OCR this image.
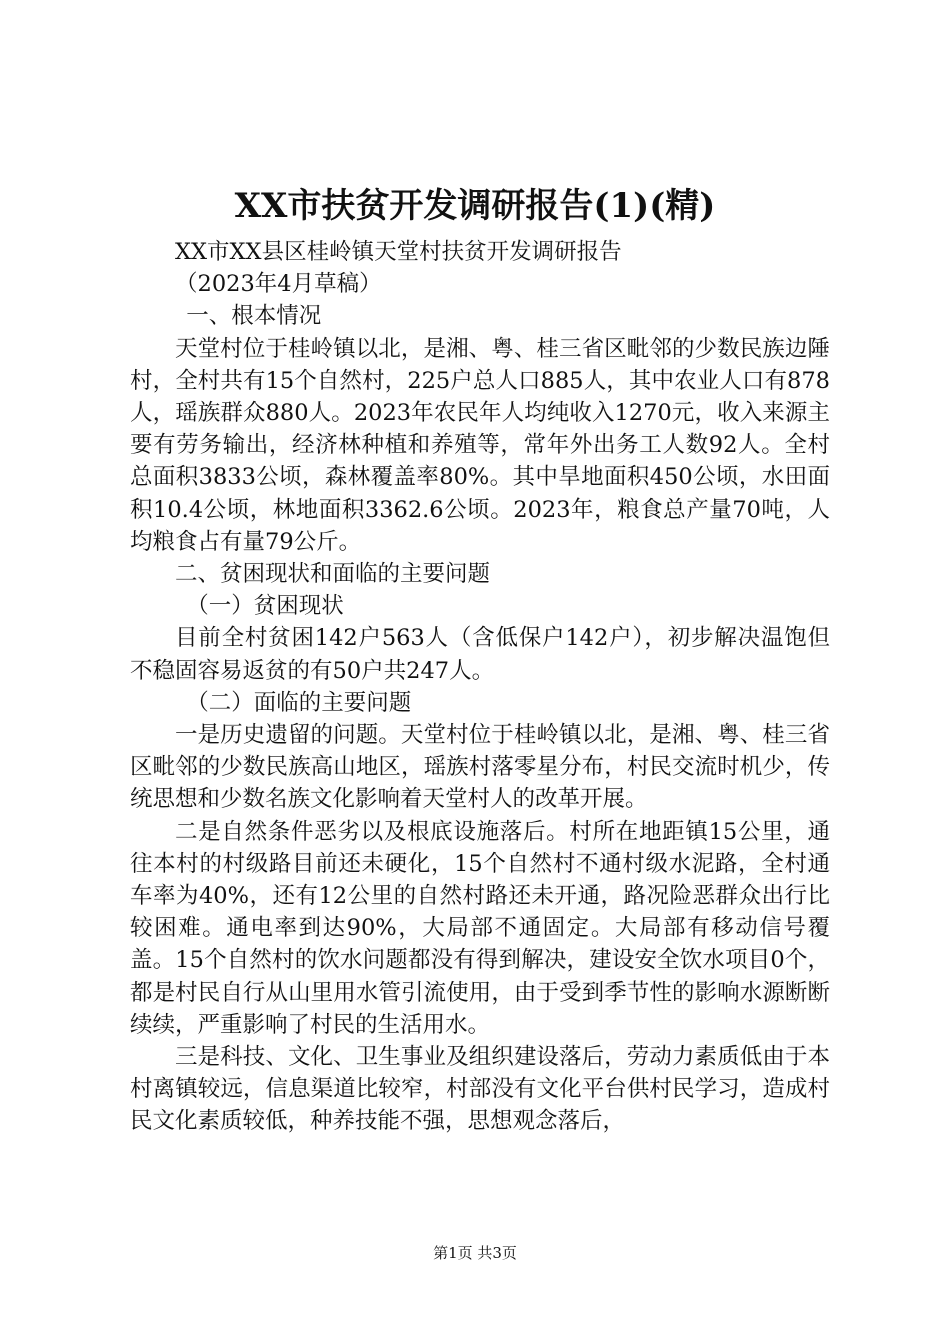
XX市扶贫开发调研报告(1)(精)

XX市XX县区桂岭镇天堂村扶贫开发调研报告

（2023年4月草稿）

一、根本情况

天堂村位于桂岭镇以北，是湘、粤、桂三省区毗邻的少数民族边陲村，全村共有15个自然村，225户总人口885人，其中农业人口有878人，瑶族群众880人。2023年农民年人均纯收入1270元，收入来源主要有劳务输出，经济林种植和养殖等，常年外出务工人数92人。全村总面积3833公顷，森林覆盖率80%。其中旱地面积450公顷，水田面积10.4公顷，林地面积3362.6公顷。2023年，粮食总产量70吨，人均粮食占有量79公斤。

二、贫困现状和面临的主要问题

（一）贫困现状

目前全村贫困142户563人（含低保户142户），初步解决温饱但不稳固容易返贫的有50户共247人。

（二）面临的主要问题

一是历史遗留的问题。天堂村位于桂岭镇以北，是湘、粤、桂三省区毗邻的少数民族高山地区，瑶族村落零星分布，村民交流时机少，传统思想和少数名族文化影响着天堂村人的改革开展。

二是自然条件恶劣以及根底设施落后。村所在地距镇15公里，通往本村的村级路目前还未硬化，15个自然村不通村级水泥路，全村通车率为40%，还有12公里的自然村路还未开通，路况险恶群众出行比较困难。通电率到达90%，大局部不通固定。大局部有移动信号覆盖。15个自然村的饮水问题都没有得到解决，建设安全饮水项目0个，都是村民自行从山里用水管引流使用，由于受到季节性的影响水源断断续续，严重影响了村民的生活用水。

三是科技、文化、卫生事业及组织建设落后，劳动力素质低由于本村离镇较远，信息渠道比较窄，村部没有文化平台供村民学习，造成村民文化素质较低，种养技能不强，思想观念落后，

第1页 共3页
